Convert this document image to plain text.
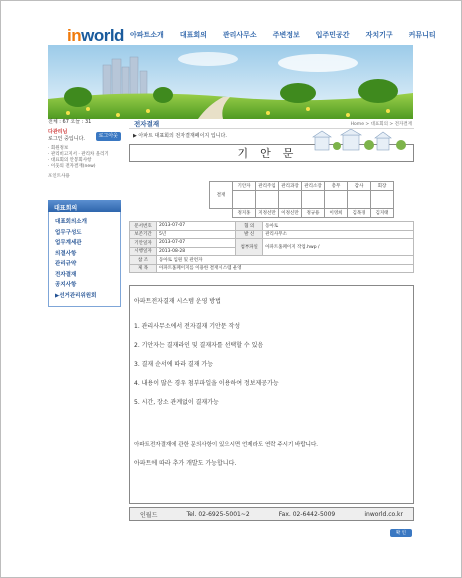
inworld 아파트소개 대표회의 관리사무소 주변정보 입주민공간 자치기구 커뮤니티
전체 : 67 오늘 : 31
다관리님
로그인 중입니다.
로그아웃
· 회원정보
· 관리비고지서 · 관리차 올리기
· 대표회의 안봉회사항
· 이웃의 전자결재(new)
포인트사용
대표회의
대표회의소개
업무구성도
업무계세관
의결사항
관리규약
전자결재
공지사항
▶선거관리위원회
전자결재	Home > 대표회의 > 전자결재
▶ 아파트 대표회의 전자결재페이지 입니다.
기안문
결재	기안자	관리주임	관리과장	관리소장	총무	감사	회장

	정지홍	지정선만	이정신만	정규용	이영희	김목경	김지태
문서번호	2013-07-07	협 의	동아토
보존기간	5년	발 신	관리사무소
기안일자	2013-07-07	첨부파일	아파트홈페이지 작업.hwp /
시행일자	2013-08-28		
참 조	동아토 입원 및 관련자		
제 목	아파트홈페이지를 이용한 결재시스템 운영		

아파트전자결재 시스템 운영 방법

1. 관리사무소에서 전자결재 기안문 작성

2. 기안자는 결재라인 및 결재자를 선택할 수 있음

3. 결재 순서에 따라 결재 가능

4. 내용이 많은 경우 첨부파일을 이용하여 정보제공가능

5. 시간, 장소 관계없이 결재가능

아파트전자결재에 관한 문의사항이 있으시면 언제라도 연락 주시기 바랍니다.

아파트에 따라 추가 개발도 가능합니다.

인월드	Tel. 02-6925-5001~2	Fax. 02-6442-5009	inworld.co.kr
확 인
